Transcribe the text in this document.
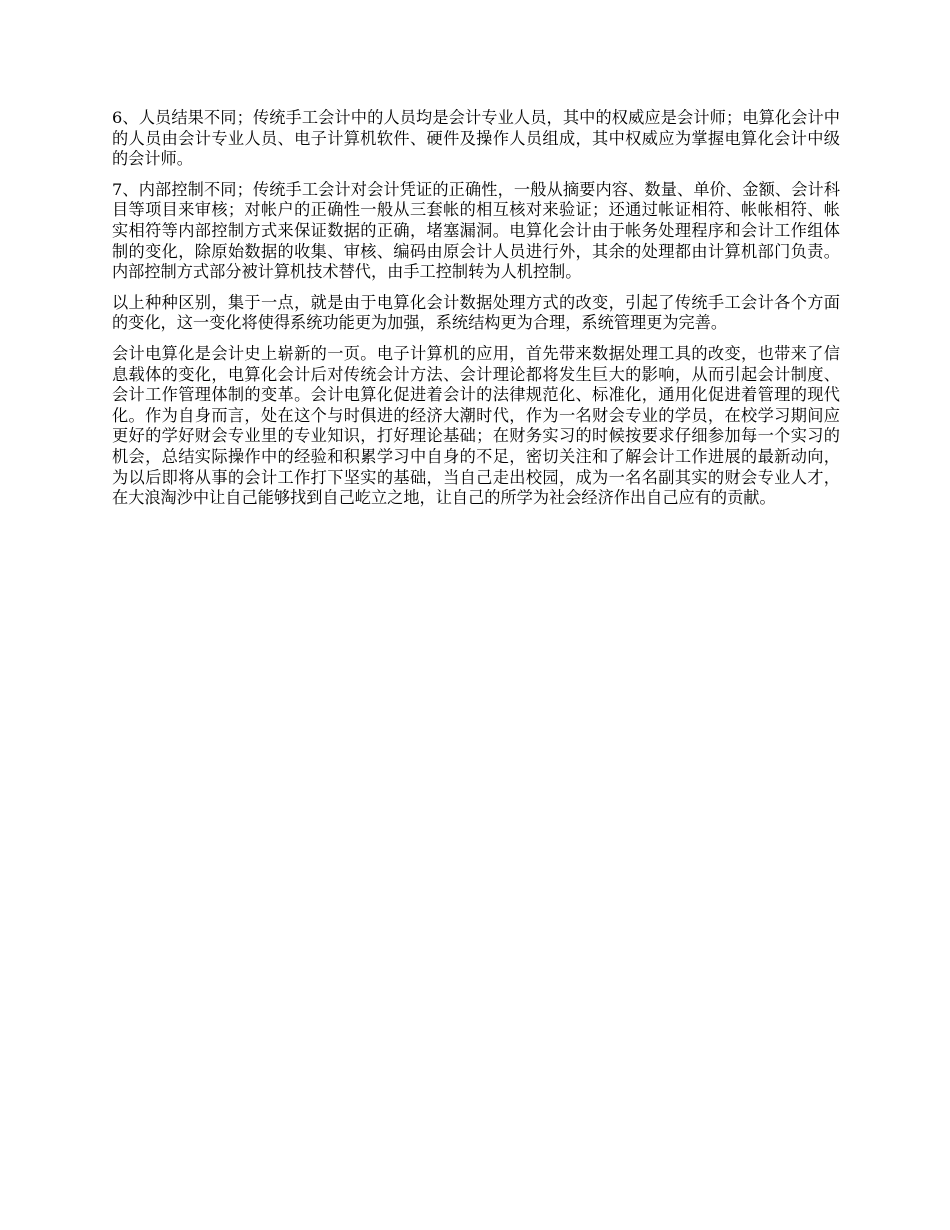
6、人员结果不同；传统手工会计中的人员均是会计专业人员，其中的权威应是会计师；电算化会计中的人员由会计专业人员、电子计算机软件、硬件及操作人员组成，其中权威应为掌握电算化会计中级的会计师。

7、内部控制不同；传统手工会计对会计凭证的正确性，一般从摘要内容、数量、单价、金额、会计科目等项目来审核；对帐户的正确性一般从三套帐的相互核对来验证；还通过帐证相符、帐帐相符、帐实相符等内部控制方式来保证数据的正确，堵塞漏洞。电算化会计由于帐务处理程序和会计工作组体制的变化，除原始数据的收集、审核、编码由原会计人员进行外，其余的处理都由计算机部门负责。内部控制方式部分被计算机技术替代，由手工控制转为人机控制。

以上种种区别，集于一点，就是由于电算化会计数据处理方式的改变，引起了传统手工会计各个方面的变化，这一变化将使得系统功能更为加强，系统结构更为合理，系统管理更为完善。

会计电算化是会计史上崭新的一页。电子计算机的应用，首先带来数据处理工具的改变，也带来了信息载体的变化，电算化会计后对传统会计方法、会计理论都将发生巨大的影响，从而引起会计制度、会计工作管理体制的变革。会计电算化促进着会计的法律规范化、标准化，通用化促进着管理的现代化。作为自身而言，处在这个与时俱进的经济大潮时代，作为一名财会专业的学员，在校学习期间应更好的学好财会专业里的专业知识，打好理论基础；在财务实习的时候按要求仔细参加每一个实习的机会，总结实际操作中的经验和积累学习中自身的不足，密切关注和了解会计工作进展的最新动向，为以后即将从事的会计工作打下坚实的基础，当自己走出校园，成为一名名副其实的财会专业人才，在大浪淘沙中让自己能够找到自己屹立之地，让自己的所学为社会经济作出自己应有的贡献。
